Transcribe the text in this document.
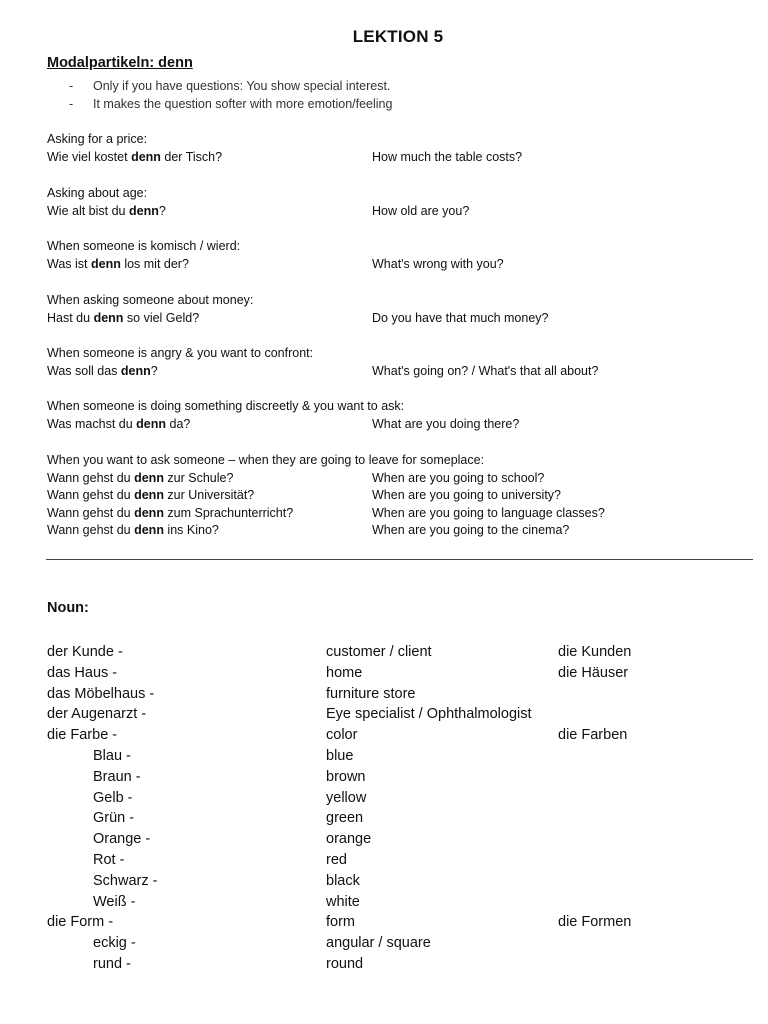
LEKTION 5
Modalpartikeln: denn
- Only if you have questions: You show special interest.
- It makes the question softer with more emotion/feeling
Asking for a price:
Wie viel kostet denn der Tisch?	How much the table costs?
Asking about age:
Wie alt bist du denn?	How old are you?
When someone is komisch / wierd:
Was ist denn los mit der?	What's wrong with you?
When asking someone about money:
Hast du denn so viel Geld?	Do you have that much money?
When someone is angry & you want to confront:
Was soll das denn?	What's going on? / What's that all about?
When someone is doing something discreetly & you want to ask:
Was machst du denn da?	What are you doing there?
When you want to ask someone – when they are going to leave for someplace:
Wann gehst du denn zur Schule?	When are you going to school?
Wann gehst du denn zur Universität?	When are you going to university?
Wann gehst du denn zum Sprachunterricht?	When are you going to language classes?
Wann gehst du denn ins Kino?	When are you going to the cinema?
Noun:
der Kunde -	customer / client	die Kunden
das Haus -	home	die Häuser
das Möbelhaus -	furniture store
der Augenarzt -	Eye specialist / Ophthalmologist
die Farbe -	color	die Farben
Blau -	blue
Braun -	brown
Gelb -	yellow
Grün -	green
Orange -	orange
Rot -	red
Schwarz -	black
Weiß -	white
die Form -	form	die Formen
eckig -	angular / square
rund -	round
